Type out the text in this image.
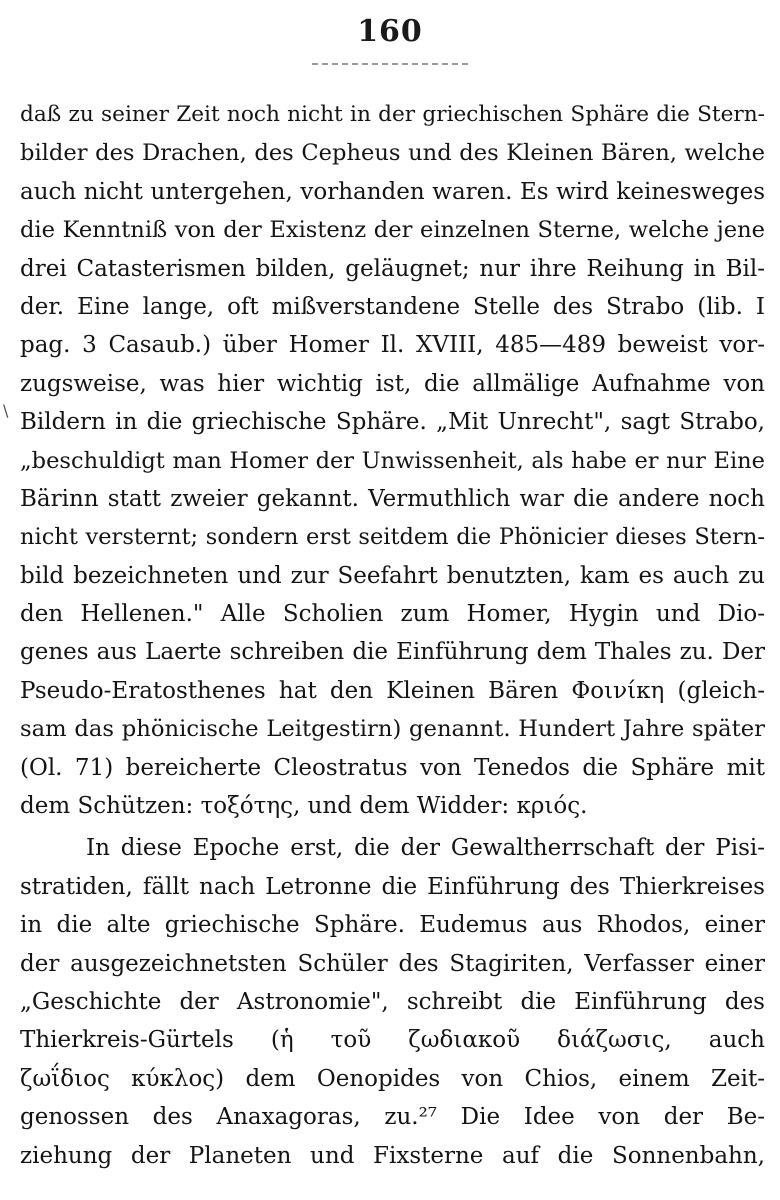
160
\
daß zu seiner Zeit noch nicht in der griechischen Sphäre die Stern-
bilder des Drachen, des Cepheus und des Kleinen Bären, welche
auch nicht untergehen, vorhanden waren. Es wird keinesweges
die Kenntniß von der Existenz der einzelnen Sterne, welche jene
drei Catasterismen bilden, geläugnet; nur ihre Reihung in Bil-
der. Eine lange, oft mißverstandene Stelle des Strabo (lib. I
pag. 3 Casaub.) über Homer Il. XVIII, 485—489 beweist vor-
zugsweise, was hier wichtig ist, die allmälige Aufnahme von
Bildern in die griechische Sphäre. „Mit Unrecht", sagt Strabo,
„beschuldigt man Homer der Unwissenheit, als habe er nur Eine
Bärinn statt zweier gekannt. Vermuthlich war die andere noch
nicht versternt; sondern erst seitdem die Phönicier dieses Stern-
bild bezeichneten und zur Seefahrt benutzten, kam es auch zu
den Hellenen." Alle Scholien zum Homer, Hygin und Dio-
genes aus Laerte schreiben die Einführung dem Thales zu. Der
Pseudo-Eratosthenes hat den Kleinen Bären Φοινίκη (gleich-
sam das phönicische Leitgestirn) genannt. Hundert Jahre später
(Ol. 71) bereicherte Cleostratus von Tenedos die Sphäre mit
dem Schützen: τοξότης, und dem Widder: κριός.
In diese Epoche erst, die der Gewaltherrschaft der Pisi-
stratiden, fällt nach Letronne die Einführung des Thierkreises
in die alte griechische Sphäre. Eudemus aus Rhodos, einer
der ausgezeichnetsten Schüler des Stagiriten, Verfasser einer
„Geschichte der Astronomie", schreibt die Einführung des
Thierkreis-Gürtels (ἡ τοῦ ζωδιακοῦ διάζωσις, auch
ζωΐδιος κύκλος) dem Oenopides von Chios, einem Zeit-
genossen des Anaxagoras, zu.²⁷ Die Idee von der Be-
ziehung der Planeten und Fixsterne auf die Sonnenbahn,
